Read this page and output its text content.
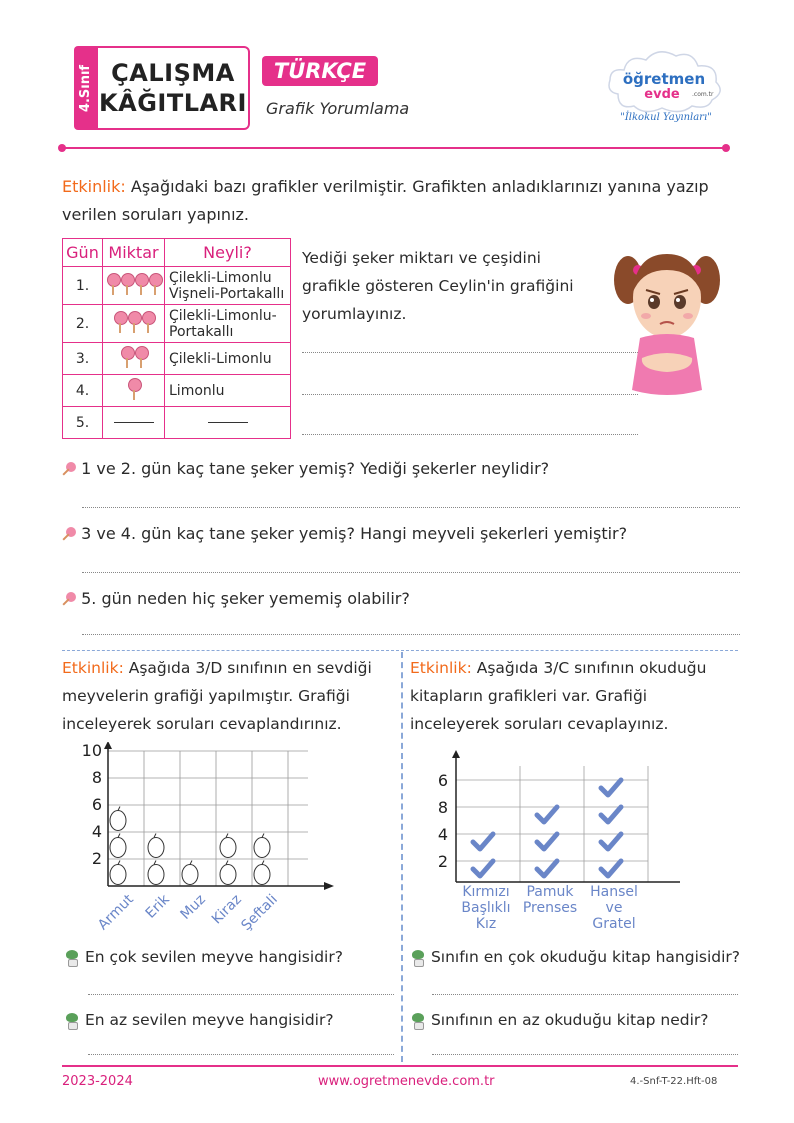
4.Sınıf ÇALIŞMA
KÂĞITLARI
TÜRKÇE
Grafik Yorumlama
öğretmen
evde .com.tr
"İlkokul Yayınları"
Etkinlik: Aşağıdaki bazı grafikler verilmiştir. Grafikten anladıklarınızı yanına yazıp verilen soruları yapınız.
Gün	Miktar	Neyli?
1.		Çilekli-Limonlu Vişneli-Portakallı
2.		Çilekli-Limonlu-Portakallı
3.		Çilekli-Limonlu
4.		Limonlu
5.		
Yediği şeker miktarı ve çeşidini grafikle gösteren Ceylin'in grafiğini yorumlayınız.
1 ve 2. gün kaç tane şeker yemiş? Yediği şekerler neylidir?
3 ve 4. gün kaç tane şeker yemiş? Hangi meyveli şekerleri yemiştir?
5. gün neden hiç şeker yememiş olabilir?
Etkinlik: Aşağıda 3/D sınıfının en sevdiği meyvelerin grafiği yapılmıştır. Grafiği inceleyerek soruları cevaplandırınız.
2
4
6
8
10
Armut Erik Muz Kiraz
Şeftali
En çok sevilen meyve hangisidir?
En az sevilen meyve hangisidir?
Etkinlik: Aşağıda 3/C sınıfının okuduğu kitapların grafikleri var. Grafiği inceleyerek soruları cevaplayınız.
2
4
8
6
Kırmızı Başlıklı Kız
Pamuk Prenses
Hansel ve Gratel
Sınıfın en çok okuduğu kitap hangisidir?
Sınıfının en az okuduğu kitap nedir?
2023-2024	www.ogretmenevde.com.tr	4.-Snf-T-22.Hft-08
